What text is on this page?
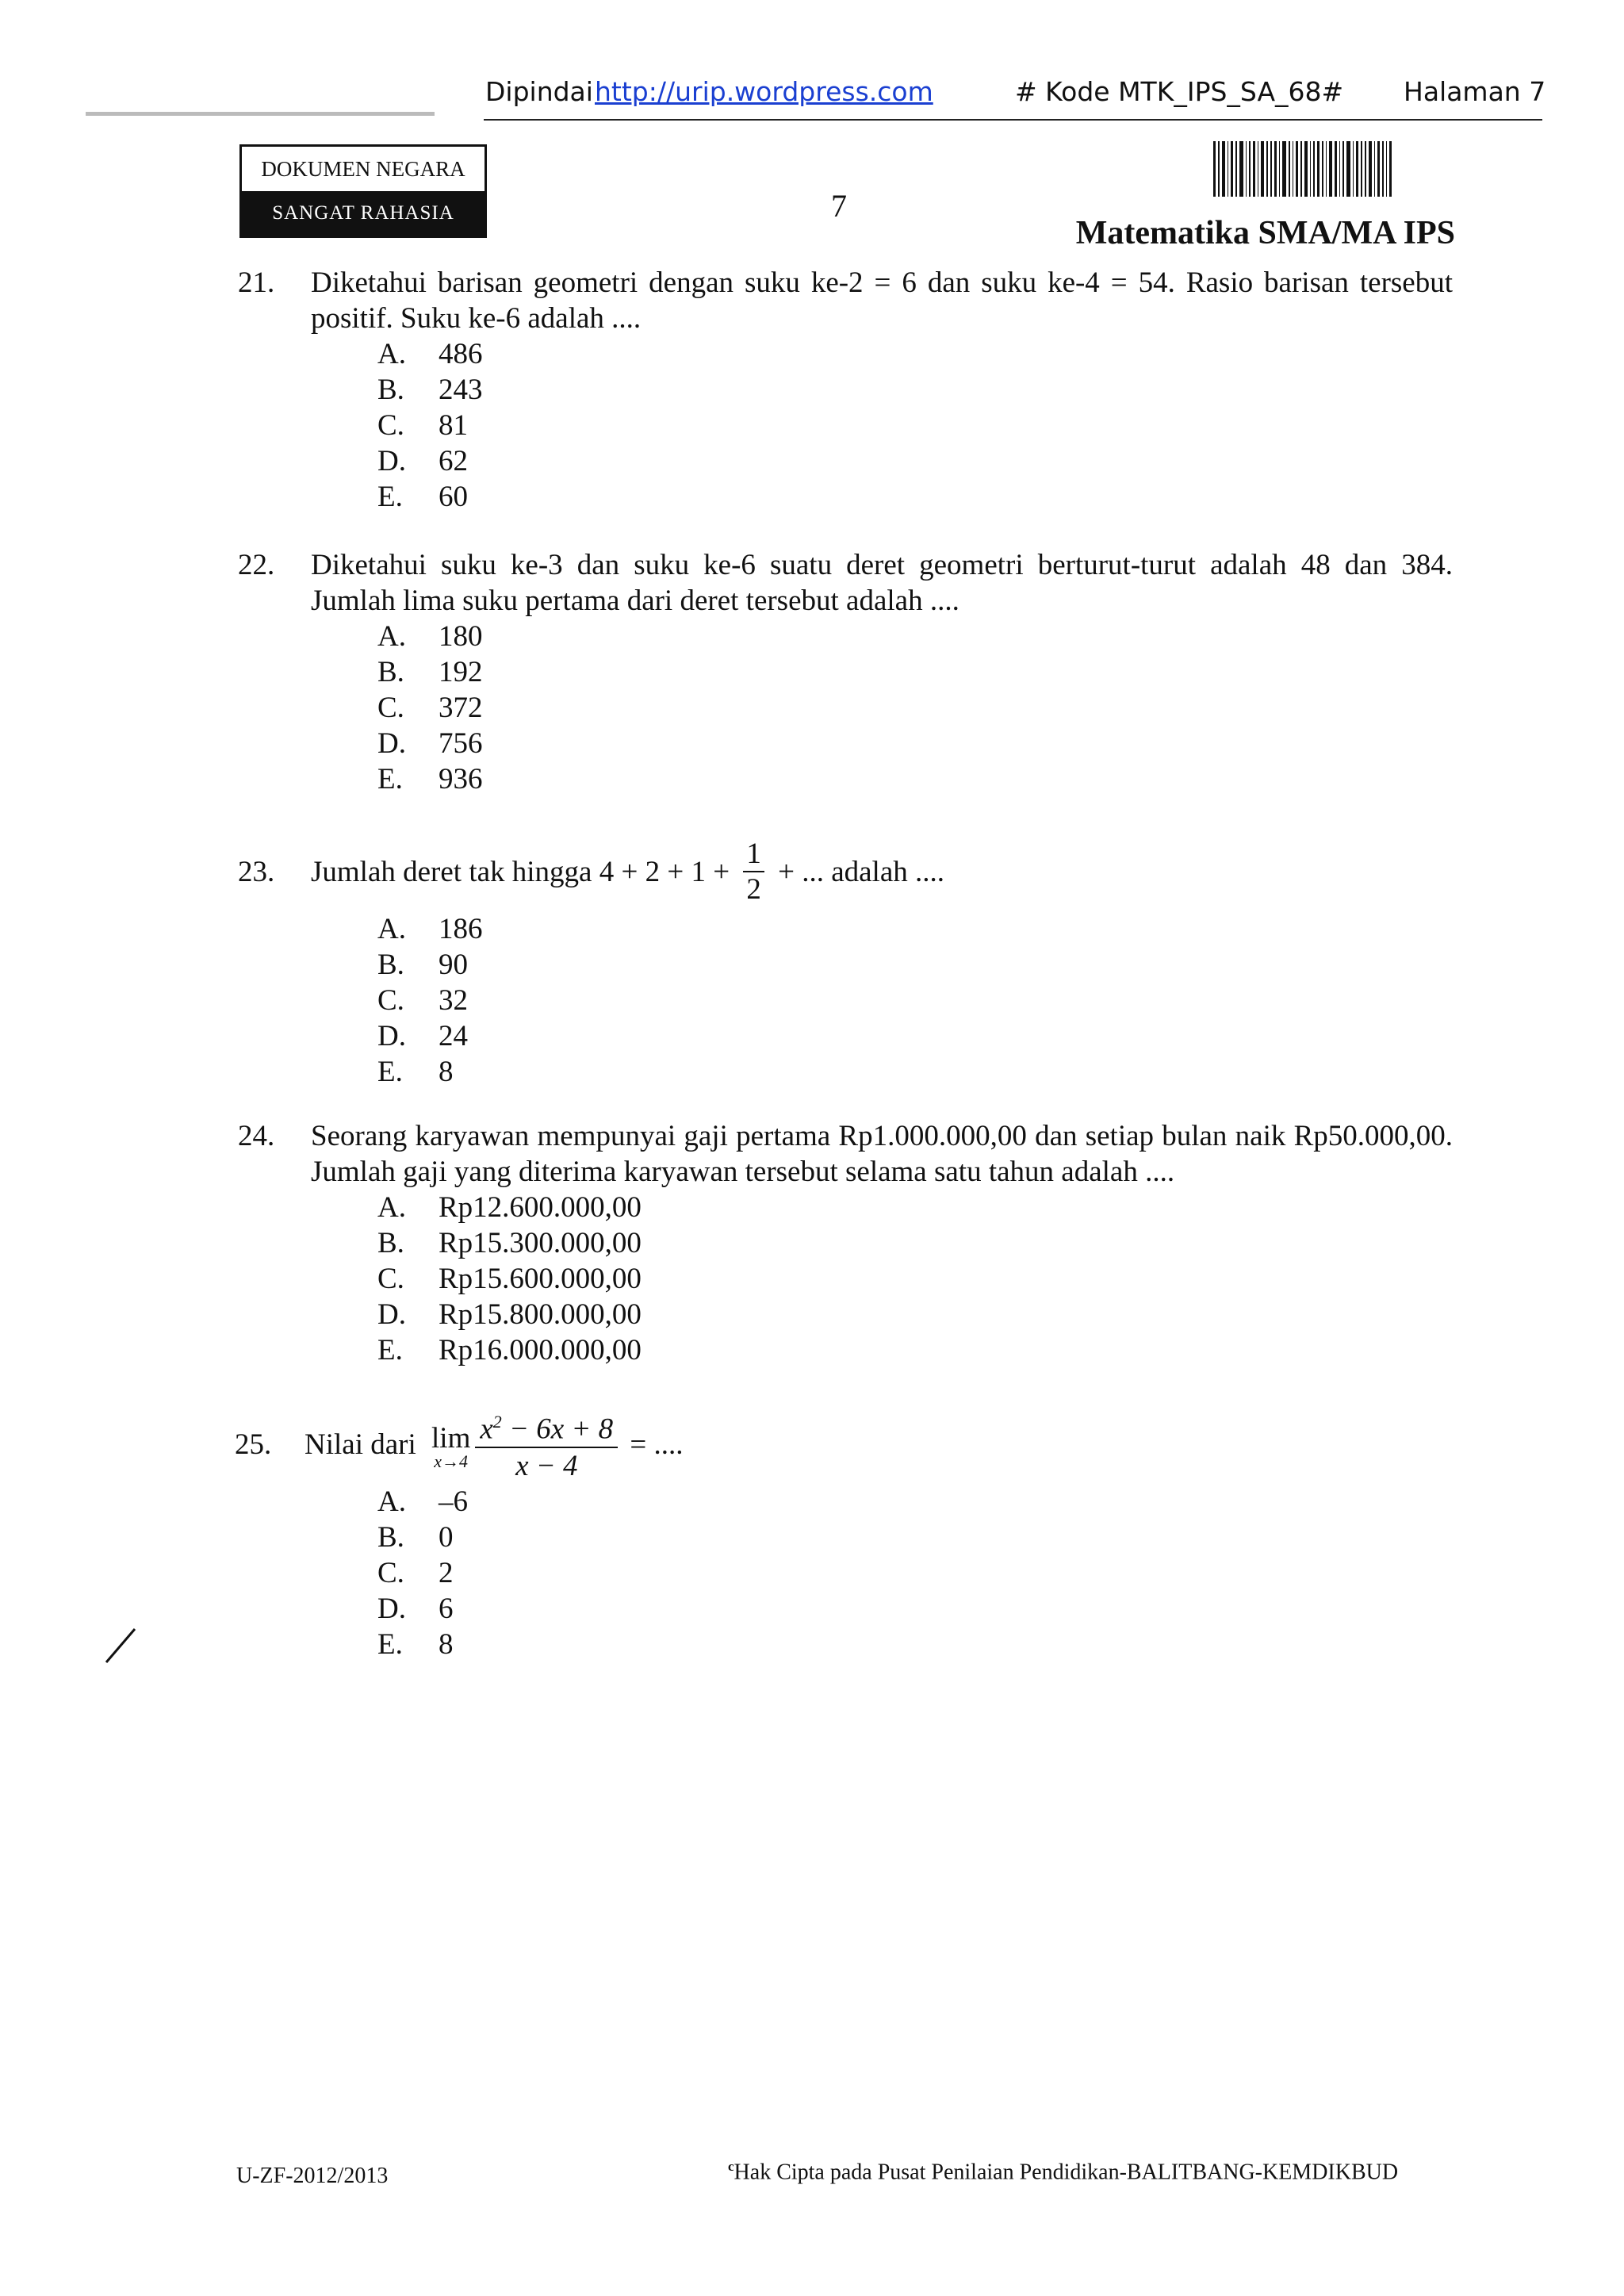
Dipindai http://urip.wordpress.com	# Kode MTK_IPS_SA_68# Halaman 7
DOKUMEN NEGARA
SANGAT RAHASIA	7
Matematika SMA/MA IPS
21. Diketahui barisan geometri dengan suku ke-2 = 6 dan suku ke-4 = 54. Rasio barisan tersebut positif. Suku ke-6 adalah ....
A.	486
B.	243
C.	81
D.	62
E.	60
22. Diketahui suku ke-3 dan suku ke-6 suatu deret geometri berturut-turut adalah 48 dan 384. Jumlah lima suku pertama dari deret tersebut adalah ....
A.	180
B.	192
C.	372
D.	756
E.	936
23. Jumlah deret tak hingga $4 + 2 + 1 + \frac{1}{2}$ + ... adalah ....
A.	186
B.	90
C.	32
D.	24
E.	8
24. Seorang karyawan mempunyai gaji pertama Rp1.000.000,00 dan setiap bulan naik Rp50.000,00. Jumlah gaji yang diterima karyawan tersebut selama satu tahun adalah ....
A.	Rp12.600.000,00
B.	Rp15.300.000,00
C.	Rp15.600.000,00
D.	Rp15.800.000,00
E.	Rp16.000.000,00
25. Nilai dari lim
$x\to 4 \frac{x^2 - 6x + 8}{x - 4}$ = ....
A.	–6
B.	0
C.	2
D.	6
E.	8
U-ZF-2012/2013	$^c$Hak Cipta pada Pusat Penilaian Pendidikan-BALITBANG-KEMDIKBUD
